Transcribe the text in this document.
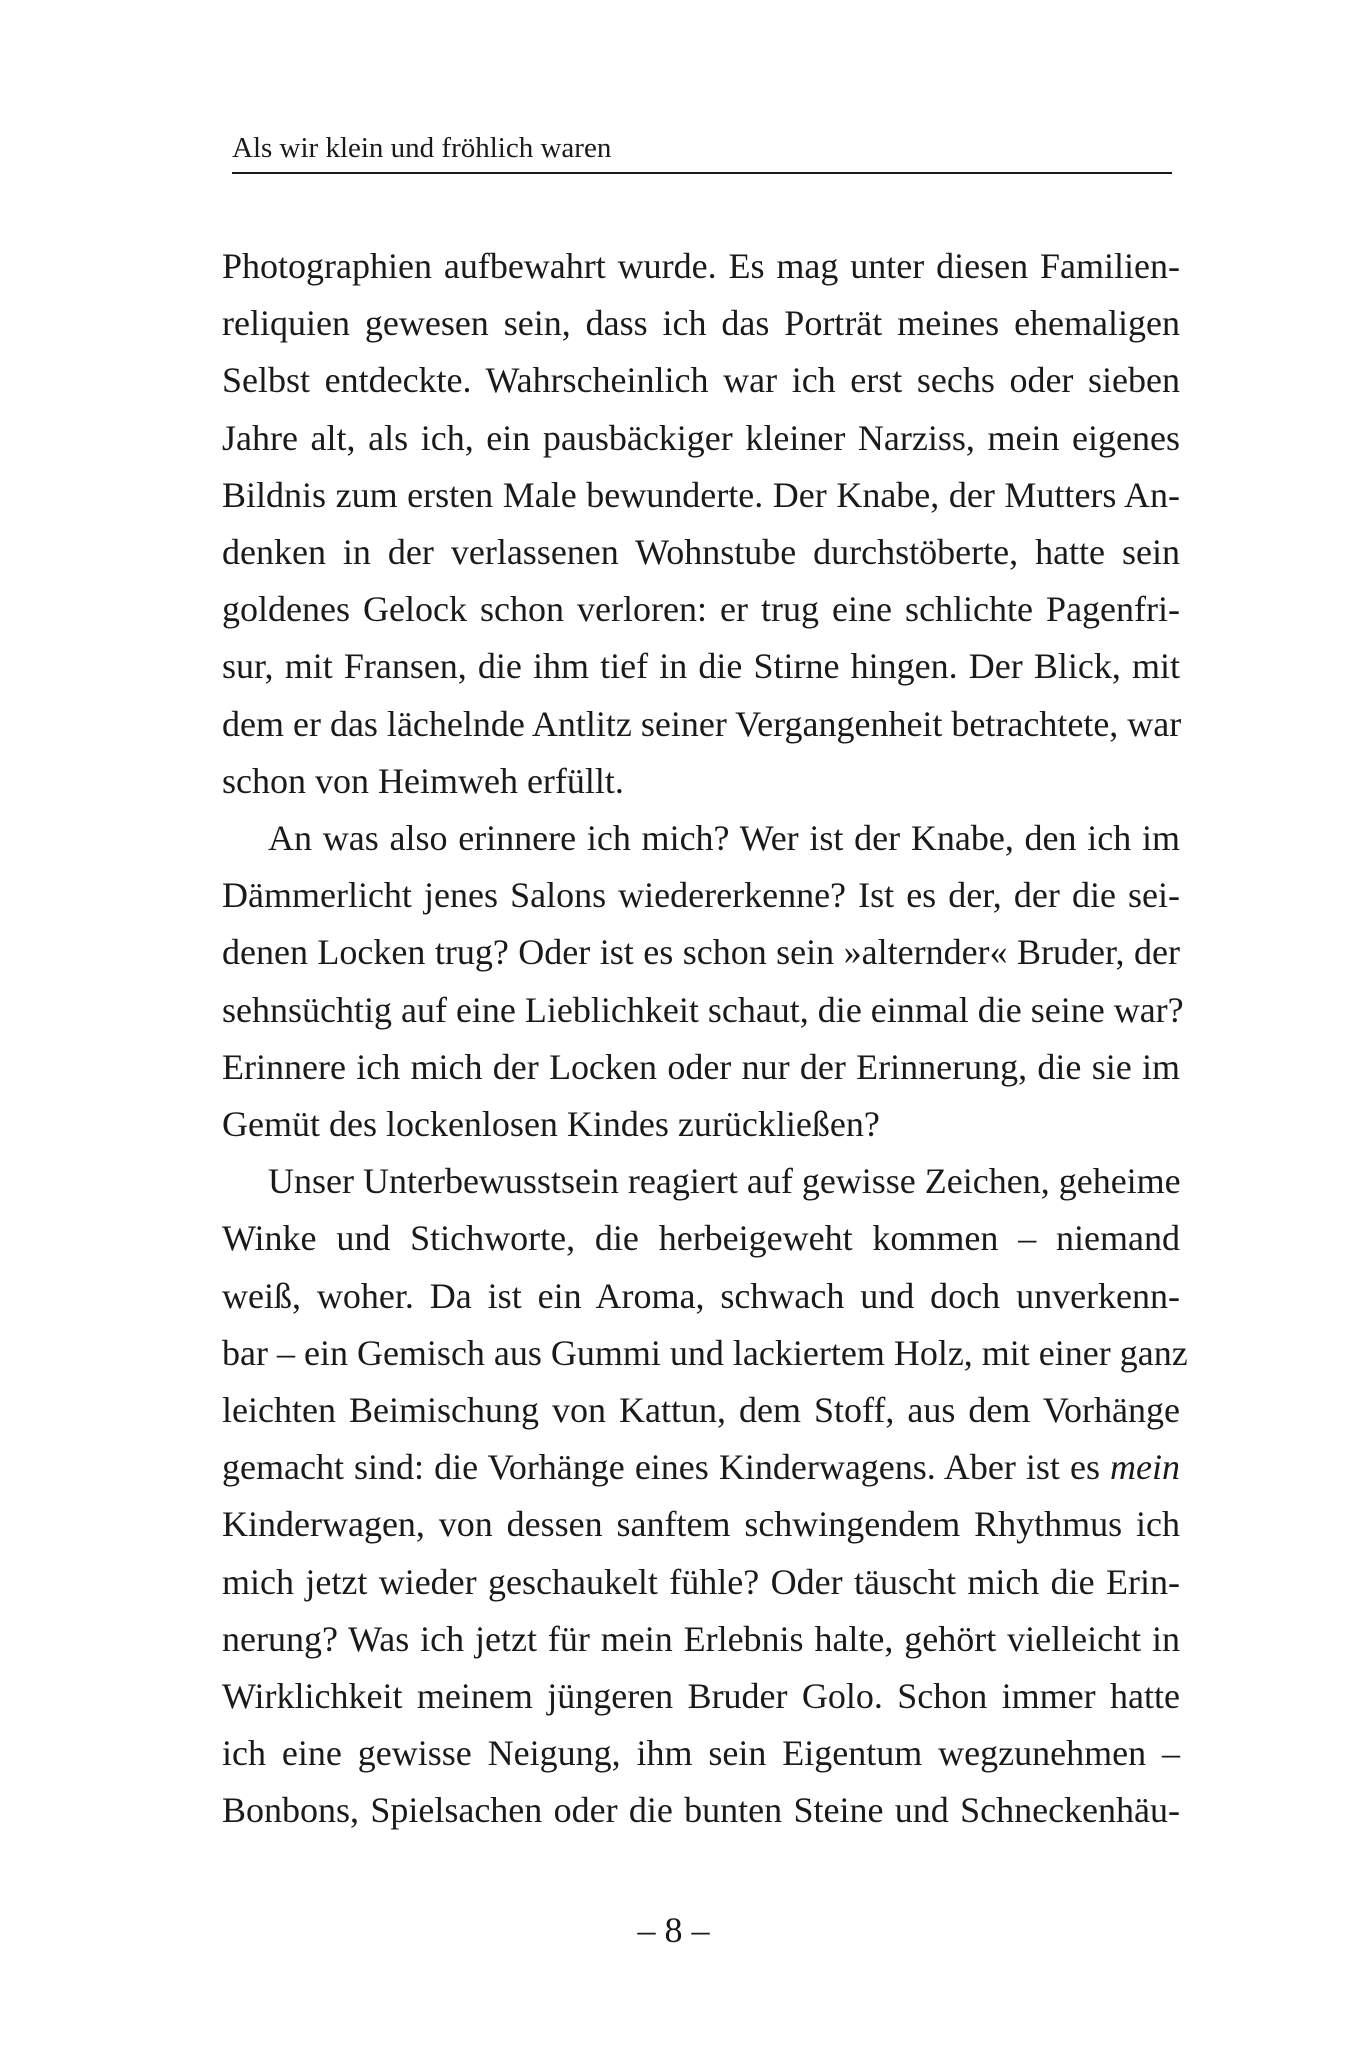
Als wir klein und fröhlich waren
Photographien aufbewahrt wurde. Es mag unter diesen Familien-
reliquien gewesen sein, dass ich das Porträt meines ehemaligen
Selbst entdeckte. Wahrscheinlich war ich erst sechs oder sieben
Jahre alt, als ich, ein pausbäckiger kleiner Narziss, mein eigenes
Bildnis zum ersten Male bewunderte. Der Knabe, der Mutters An-
denken in der verlassenen Wohnstube durchstöberte, hatte sein
goldenes Gelock schon verloren: er trug eine schlichte Pagenfri-
sur, mit Fransen, die ihm tief in die Stirne hingen. Der Blick, mit
dem er das lächelnde Antlitz seiner Vergangenheit betrachtete, war
schon von Heimweh erfüllt.
An was also erinnere ich mich? Wer ist der Knabe, den ich im
Dämmerlicht jenes Salons wiedererkenne? Ist es der, der die sei-
denen Locken trug? Oder ist es schon sein »alternder« Bruder, der
sehnsüchtig auf eine Lieblichkeit schaut, die einmal die seine war?
Erinnere ich mich der Locken oder nur der Erinnerung, die sie im
Gemüt des lockenlosen Kindes zurückließen?
Unser Unterbewusstsein reagiert auf gewisse Zeichen, geheime
Winke und Stichworte, die herbeigeweht kommen – niemand
weiß, woher. Da ist ein Aroma, schwach und doch unverkenn-
bar – ein Gemisch aus Gummi und lackiertem Holz, mit einer ganz
leichten Beimischung von Kattun, dem Stoff, aus dem Vorhänge
gemacht sind: die Vorhänge eines Kinderwagens. Aber ist es mein
Kinderwagen, von dessen sanftem schwingendem Rhythmus ich
mich jetzt wieder geschaukelt fühle? Oder täuscht mich die Erin-
nerung? Was ich jetzt für mein Erlebnis halte, gehört vielleicht in
Wirklichkeit meinem jüngeren Bruder Golo. Schon immer hatte
ich eine gewisse Neigung, ihm sein Eigentum wegzunehmen –
Bonbons, Spielsachen oder die bunten Steine und Schneckenhäu-
– 8 –
